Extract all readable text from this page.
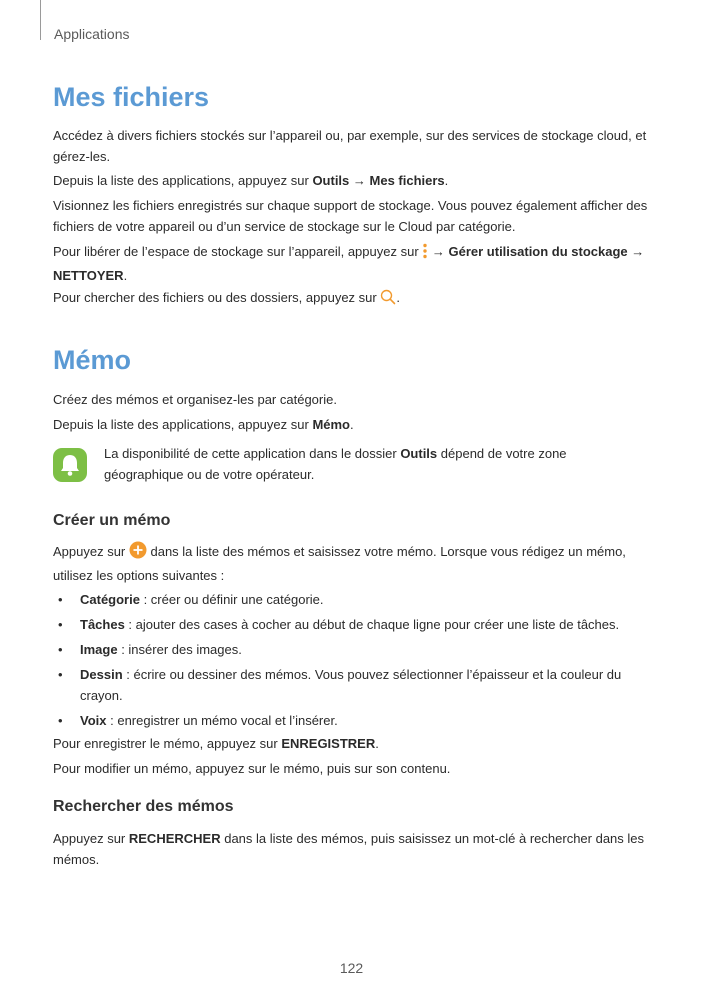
Applications
Mes fichiers

Accédez à divers fichiers stockés sur l’appareil ou, par exemple, sur des services de stockage cloud, et gérez-les.

Depuis la liste des applications, appuyez sur Outils → Mes fichiers.

Visionnez les fichiers enregistrés sur chaque support de stockage. Vous pouvez également afficher des fichiers de votre appareil ou d’un service de stockage sur le Cloud par catégorie.

Pour libérer de l’espace de stockage sur l’appareil, appuyez sur  → Gérer utilisation du stockage →
NETTOYER.

Pour chercher des fichiers ou des dossiers, appuyez sur .

Mémo

Créez des mémos et organisez-les par catégorie.

Depuis la liste des applications, appuyez sur Mémo.

La disponibilité de cette application dans le dossier Outils dépend de votre zone géographique ou de votre opérateur.

Créer un mémo

Appuyez sur  dans la liste des mémos et saisissez votre mémo. Lorsque vous rédigez un mémo, utilisez les options suivantes :

• Catégorie : créer ou définir une catégorie.

• Tâches : ajouter des cases à cocher au début de chaque ligne pour créer une liste de tâches.

• Image : insérer des images.

• Dessin : écrire ou dessiner des mémos. Vous pouvez sélectionner l’épaisseur et la couleur du crayon.

• Voix : enregistrer un mémo vocal et l’insérer.

Pour enregistrer le mémo, appuyez sur ENREGISTRER.

Pour modifier un mémo, appuyez sur le mémo, puis sur son contenu.

Rechercher des mémos

Appuyez sur RECHERCHER dans la liste des mémos, puis saisissez un mot-clé à rechercher dans les mémos.

122
